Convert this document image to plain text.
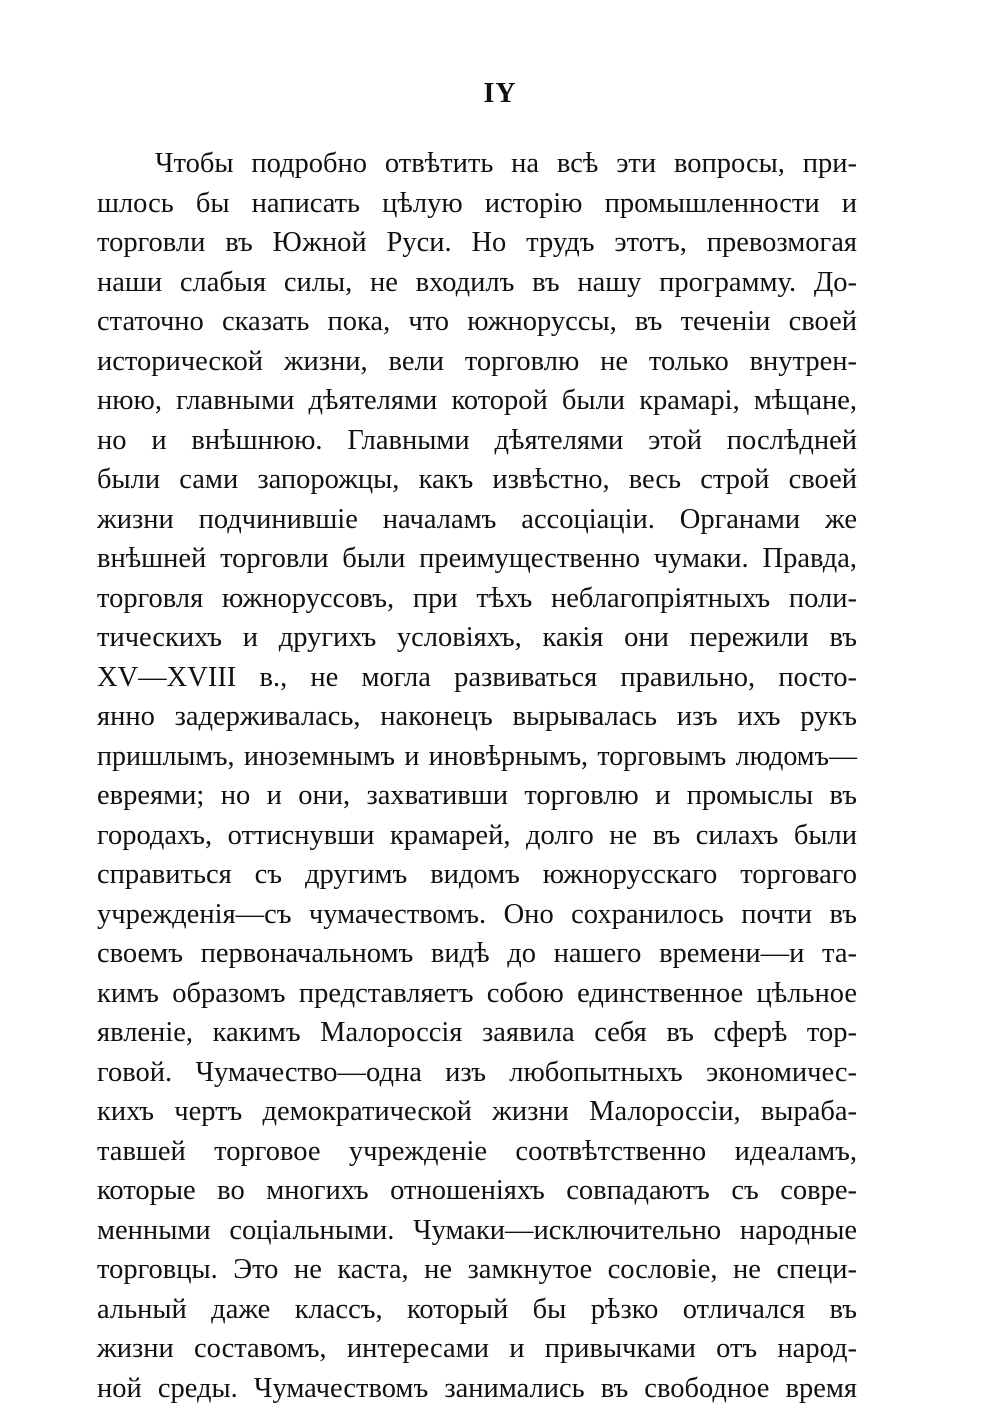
IY
Чтобы подробно отвѣтить на всѣ эти вопросы, при-
шлось бы написать цѣлую исторію промышленности и
торговли въ Южной Руси. Но трудъ этотъ, превозмогая
наши слабыя силы, не входилъ въ нашу программу. До-
статочно сказать пока, что южноруссы, въ теченіи своей
исторической жизни, вели торговлю не только внутрен-
нюю, главными дѣятелями которой были крамарі, мѣщане,
но и внѣшнюю. Главными дѣятелями этой послѣдней
были сами запорожцы, какъ извѣстно, весь строй своей
жизни подчинившіе началамъ ассоціаціи. Органами же
внѣшней торговли были преимущественно чумаки. Правда,
торговля южноруссовъ, при тѣхъ неблагопріятныхъ поли-
тическихъ и другихъ условіяхъ, какія они пережили въ
XV—XVIII в., не могла развиваться правильно, посто-
янно задерживалась, наконецъ вырывалась изъ ихъ рукъ
пришлымъ, иноземнымъ и иновѣрнымъ, торговымъ людомъ—
евреями; но и они, захвативши торговлю и промыслы въ
городахъ, оттиснувши крамарей, долго не въ силахъ были
справиться съ другимъ видомъ южнорусскаго торговаго
учрежденія—съ чумачествомъ. Оно сохранилось почти въ
своемъ первоначальномъ видѣ до нашего времени—и та-
кимъ образомъ представляетъ собою единственное цѣльное
явленіе, какимъ Малороссія заявила себя въ сферѣ тор-
говой. Чумачество—одна изъ любопытныхъ экономичес-
кихъ чертъ демократической жизни Малороссіи, выраба-
тавшей торговое учрежденіе соотвѣтственно идеаламъ,
которые во многихъ отношеніяхъ совпадаютъ съ совре-
менными соціальными. Чумаки—исключительно народные
торговцы. Это не каста, не замкнутое сословіе, не специ-
альный даже классъ, который бы рѣзко отличался въ
жизни составомъ, интересами и привычками отъ народ-
ной среды. Чумачествомъ занимались въ свободное время
